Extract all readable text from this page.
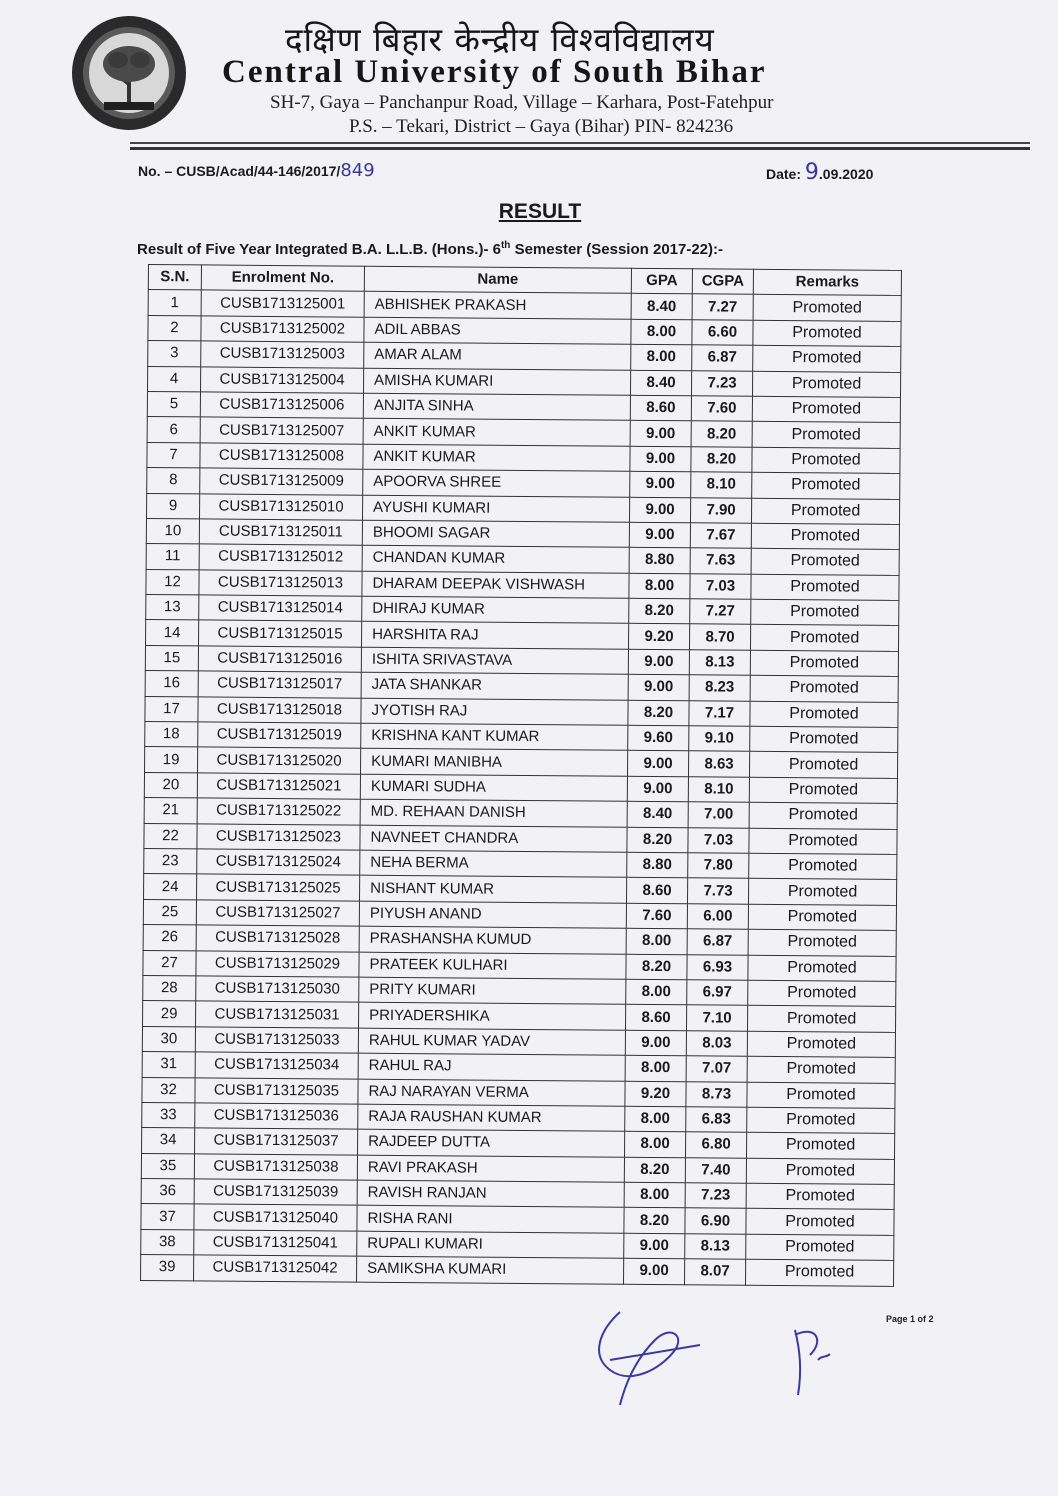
दक्षिण बिहार केन्द्रीय विश्वविद्यालय
Central University of South Bihar
SH-7, Gaya – Panchanpur Road, Village – Karhara, Post-Fatehpur
P.S. – Tekari, District – Gaya (Bihar) PIN- 824236
No. – CUSB/Acad/44-146/2017/849	Date: 9.09.2020
RESULT
Result of Five Year Integrated B.A. L.L.B. (Hons.)- 6th Semester (Session 2017-22):-
S.N.	Enrolment No.	Name	GPA	CGPA	Remarks
1	CUSB1713125001	ABHISHEK PRAKASH	8.40	7.27	Promoted
2	CUSB1713125002	ADIL ABBAS	8.00	6.60	Promoted
3	CUSB1713125003	AMAR ALAM	8.00	6.87	Promoted
4	CUSB1713125004	AMISHA KUMARI	8.40	7.23	Promoted
5	CUSB1713125006	ANJITA SINHA	8.60	7.60	Promoted
6	CUSB1713125007	ANKIT KUMAR	9.00	8.20	Promoted
7	CUSB1713125008	ANKIT KUMAR	9.00	8.20	Promoted
8	CUSB1713125009	APOORVA SHREE	9.00	8.10	Promoted
9	CUSB1713125010	AYUSHI KUMARI	9.00	7.90	Promoted
10	CUSB1713125011	BHOOMI SAGAR	9.00	7.67	Promoted
11	CUSB1713125012	CHANDAN KUMAR	8.80	7.63	Promoted
12	CUSB1713125013	DHARAM DEEPAK VISHWASH	8.00	7.03	Promoted
13	CUSB1713125014	DHIRAJ KUMAR	8.20	7.27	Promoted
14	CUSB1713125015	HARSHITA RAJ	9.20	8.70	Promoted
15	CUSB1713125016	ISHITA SRIVASTAVA	9.00	8.13	Promoted
16	CUSB1713125017	JATA SHANKAR	9.00	8.23	Promoted
17	CUSB1713125018	JYOTISH RAJ	8.20	7.17	Promoted
18	CUSB1713125019	KRISHNA KANT KUMAR	9.60	9.10	Promoted
19	CUSB1713125020	KUMARI MANIBHA	9.00	8.63	Promoted
20	CUSB1713125021	KUMARI SUDHA	9.00	8.10	Promoted
21	CUSB1713125022	MD. REHAAN DANISH	8.40	7.00	Promoted
22	CUSB1713125023	NAVNEET CHANDRA	8.20	7.03	Promoted
23	CUSB1713125024	NEHA BERMA	8.80	7.80	Promoted
24	CUSB1713125025	NISHANT KUMAR	8.60	7.73	Promoted
25	CUSB1713125027	PIYUSH ANAND	7.60	6.00	Promoted
26	CUSB1713125028	PRASHANSHA KUMUD	8.00	6.87	Promoted
27	CUSB1713125029	PRATEEK KULHARI	8.20	6.93	Promoted
28	CUSB1713125030	PRITY KUMARI	8.00	6.97	Promoted
29	CUSB1713125031	PRIYADERSHIKA	8.60	7.10	Promoted
30	CUSB1713125033	RAHUL KUMAR YADAV	9.00	8.03	Promoted
31	CUSB1713125034	RAHUL RAJ	8.00	7.07	Promoted
32	CUSB1713125035	RAJ NARAYAN VERMA	9.20	8.73	Promoted
33	CUSB1713125036	RAJA RAUSHAN KUMAR	8.00	6.83	Promoted
34	CUSB1713125037	RAJDEEP DUTTA	8.00	6.80	Promoted
35	CUSB1713125038	RAVI PRAKASH	8.20	7.40	Promoted
36	CUSB1713125039	RAVISH RANJAN	8.00	7.23	Promoted
37	CUSB1713125040	RISHA RANI	8.20	6.90	Promoted
38	CUSB1713125041	RUPALI KUMARI	9.00	8.13	Promoted
39	CUSB1713125042	SAMIKSHA KUMARI	9.00	8.07	Promoted
Page 1 of 2
